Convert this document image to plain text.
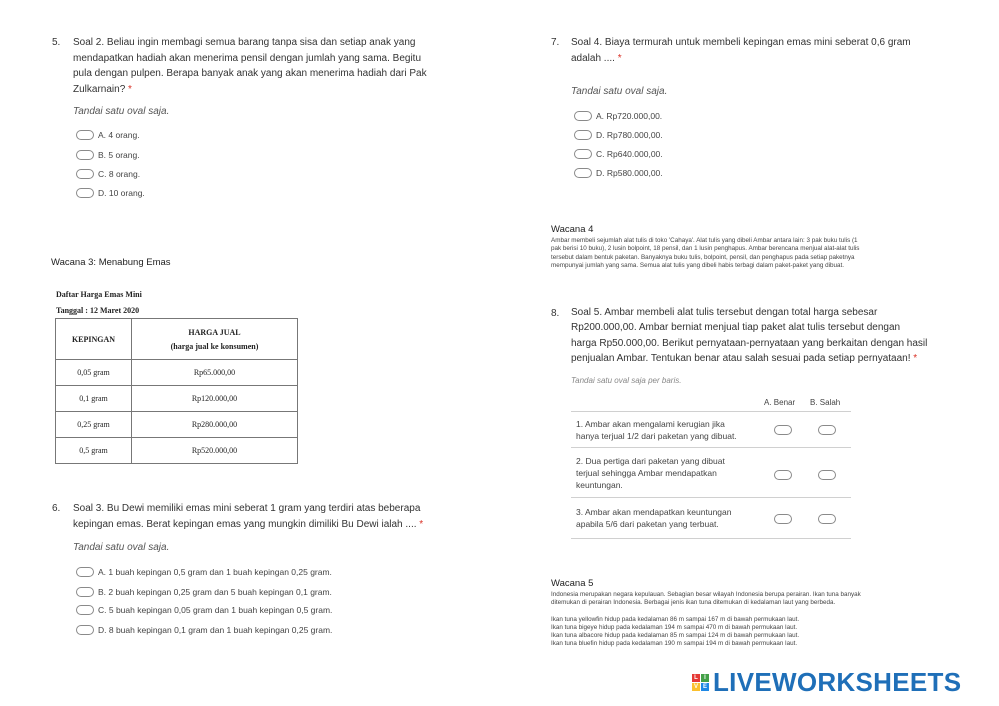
5. Soal 2. Beliau ingin membagi semua barang tanpa sisa dan setiap anak yang
mendapatkan hadiah akan menerima pensil dengan jumlah yang sama. Begitu
pula dengan pulpen. Berapa banyak anak yang akan menerima hadiah dari Pak
Zulkarnain? *
Tandai satu oval saja.
A. 4 orang.
B. 5 orang.
C. 8 orang.
D. 10 orang.
Wacana 3: Menabung Emas
Daftar Harga Emas Mini
Tanggal : 12 Maret 2020
KEPINGAN	HARGA JUAL
(harga jual ke konsumen)

0,05 gram	Rp65.000,00
0,1 gram	Rp120.000,00
0,25 gram	Rp280.000,00
0,5 gram	Rp520.000,00
6. Soal 3. Bu Dewi memiliki emas mini seberat 1 gram yang terdiri atas beberapa
kepingan emas. Berat kepingan emas yang mungkin dimiliki Bu Dewi ialah .... *
Tandai satu oval saja.
A. 1 buah kepingan 0,5 gram dan 1 buah kepingan 0,25 gram.
B. 2 buah kepingan 0,25 gram dan 5 buah kepingan 0,1 gram.
C. 5 buah kepingan 0,05 gram dan 1 buah kepingan 0,5 gram.
D. 8 buah kepingan 0,1 gram dan 1 buah kepingan 0,25 gram.
7. Soal 4. Biaya termurah untuk membeli kepingan emas mini seberat 0,6 gram
adalah .... *
Tandai satu oval saja.
A. Rp720.000,00.
D. Rp780.000,00.
C. Rp640.000,00.
D. Rp580.000,00.
Wacana 4
Ambar membeli sejumlah alat tulis di toko 'Cahaya'. Alat tulis yang dibeli Ambar antara lain: 3 pak buku tulis (1
pak berisi 10 buku), 2 lusin bolpoint, 18 pensil, dan 1 lusin penghapus. Ambar berencana menjual alat-alat tulis
tersebut dalam bentuk paketan. Banyaknya buku tulis, bolpoint, pensil, dan penghapus pada setiap paketnya
mempunyai jumlah yang sama. Semua alat tulis yang dibeli habis terbagi dalam paket-paket yang dibuat.
8. Soal 5. Ambar membeli alat tulis tersebut dengan total harga sebesar
Rp200.000,00. Ambar berniat menjual tiap paket alat tulis tersebut dengan
harga Rp50.000,00. Berikut pernyataan-pernyataan yang berkaitan dengan hasil
penjualan Ambar. Tentukan benar atau salah sesuai pada setiap pernyataan! *
Tandai satu oval saja per baris.
A. Benar B. Salah
1. Ambar akan mengalami kerugian jika
hanya terjual 1/2 dari paketan yang dibuat.
2. Dua pertiga dari paketan yang dibuat
terjual sehingga Ambar mendapatkan
keuntungan.
3. Ambar akan mendapatkan keuntungan
apabila 5/6 dari paketan yang terbuat.
Wacana 5
Indonesia merupakan negara kepulauan. Sebagian besar wilayah Indonesia berupa perairan. Ikan tuna banyak
ditemukan di perairan Indonesia. Berbagai jenis ikan tuna ditemukan di kedalaman laut yang berbeda.
Ikan tuna yellowfin hidup pada kedalaman 86 m sampai 167 m di bawah permukaan laut.
Ikan tuna bigeye hidup pada kedalaman 194 m sampai 470 m di bawah permukaan laut.
Ikan tuna albacore hidup pada kedalaman 85 m sampai 124 m di bawah permukaan laut.
Ikan tuna bluefin hidup pada kedalaman 190 m sampai 194 m di bawah permukaan laut.
L	I
V E LIVEWORKSHEETS
